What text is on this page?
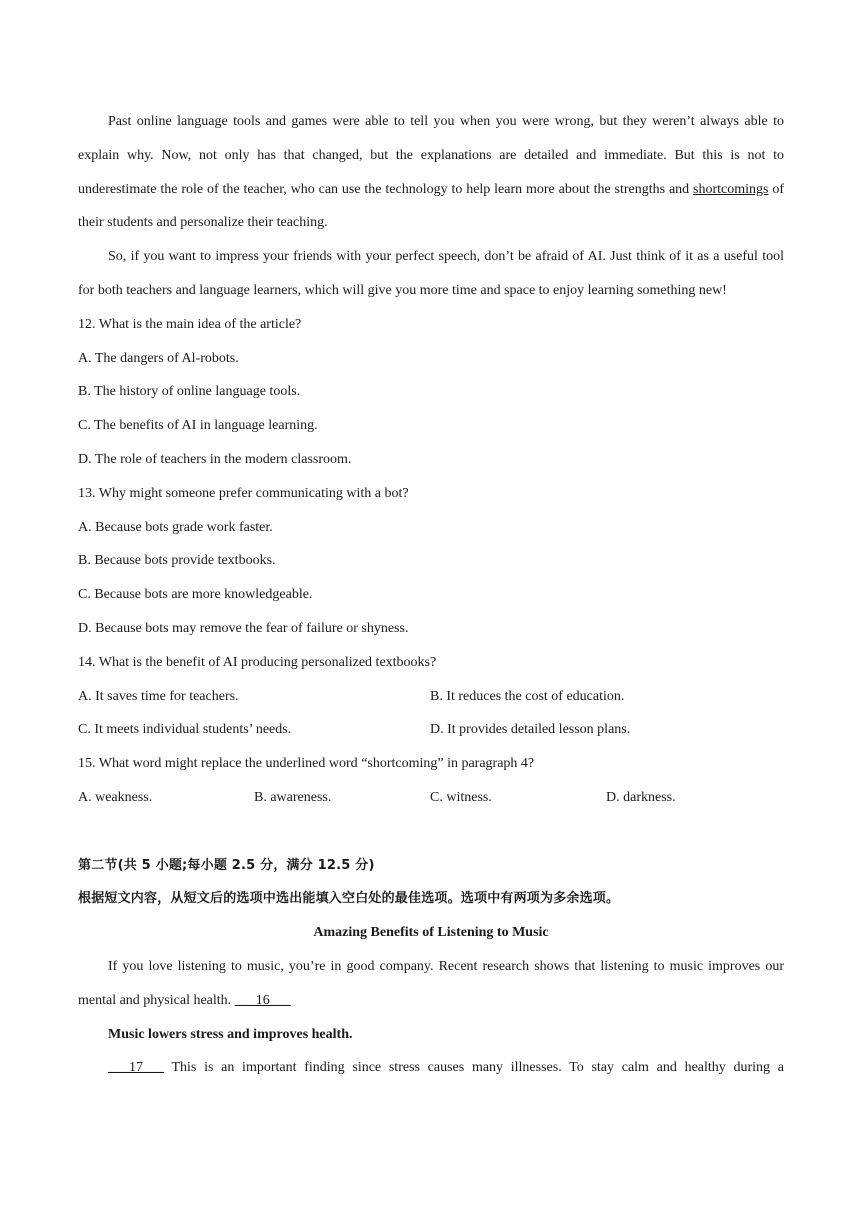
Past online language tools and games were able to tell you when you were wrong, but they weren’t always able to explain why. Now, not only has that changed, but the explanations are detailed and immediate. But this is not to underestimate the role of the teacher, who can use the technology to help learn more about the strengths and shortcomings of their students and personalize their teaching.

So, if you want to impress your friends with your perfect speech, don’t be afraid of AI. Just think of it as a useful tool for both teachers and language learners, which will give you more time and space to enjoy learning something new!

12. What is the main idea of the article?

A. The dangers of Al-robots.

B. The history of online language tools.

C. The benefits of AI in language learning.

D. The role of teachers in the modern classroom.

13. Why might someone prefer communicating with a bot?

A. Because bots grade work faster.

B. Because bots provide textbooks.

C. Because bots are more knowledgeable.

D. Because bots may remove the fear of failure or shyness.

14. What is the benefit of AI producing personalized textbooks?

A. It saves time for teachers.	B. It reduces the cost of education.
C. It meets individual students’ needs.	D. It provides detailed lesson plans.

15. What word might replace the underlined word “shortcoming” in paragraph 4?

A. weakness.	B. awareness.	C. witness.	D. darkness.

第二节(共 5 小题;每小题 2.5 分，满分 12.5 分)

根据短文内容，从短文后的选项中选出能填入空白处的最佳选项。选项中有两项为多余选项。

Amazing Benefits of Listening to Music

If you love listening to music, you’re in good company. Recent research shows that listening to music improves our mental and physical health. ___16___

Music lowers stress and improves health.

___17___ This is an important finding since stress causes many illnesses. To stay calm and healthy during a
